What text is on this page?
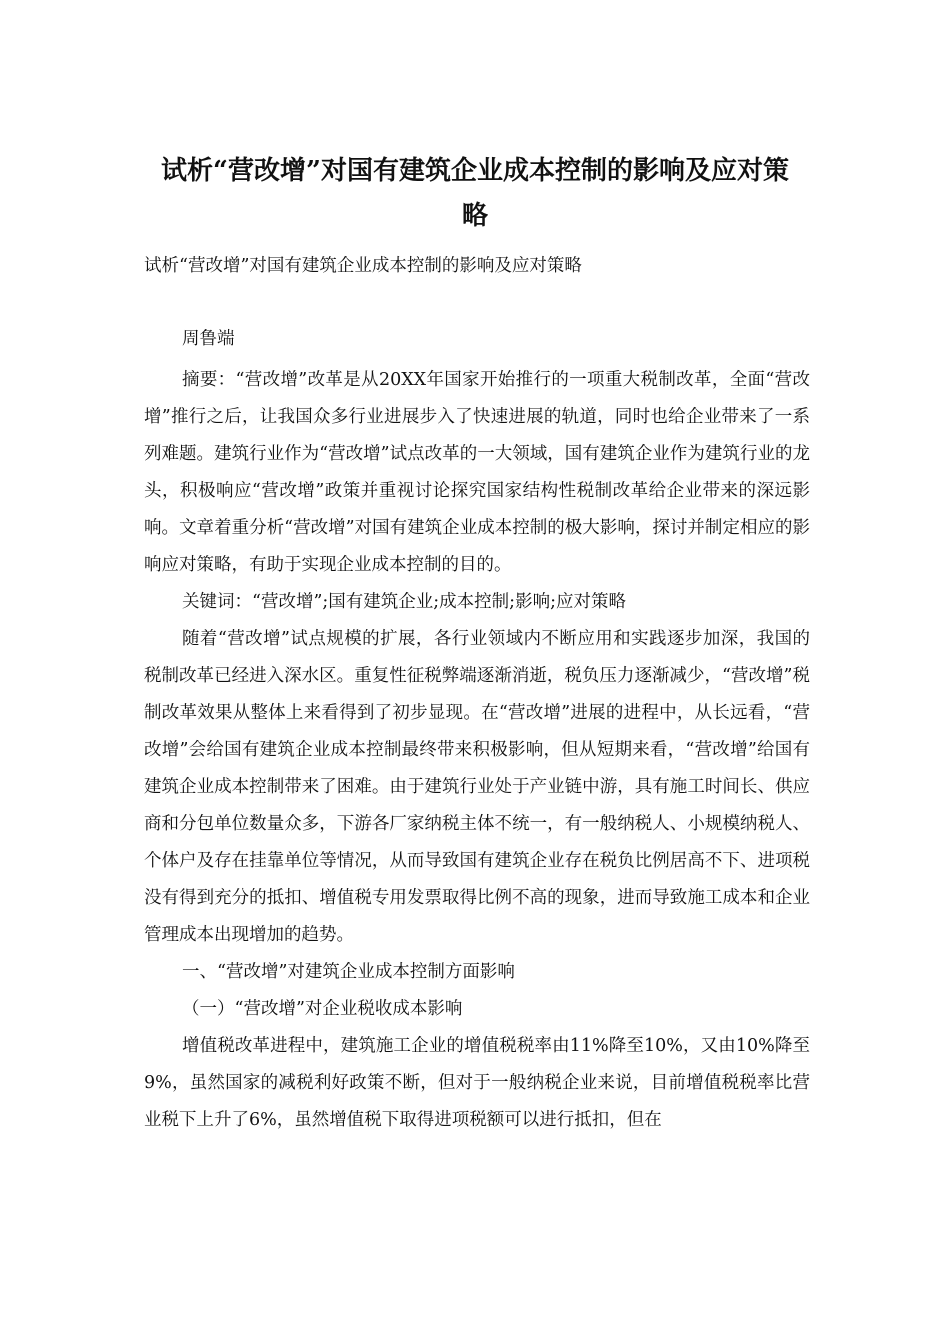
试析“营改增”对国有建筑企业成本控制的影响及应对策
略
试析“营改增”对国有建筑企业成本控制的影响及应对策略
周鲁端

摘要：“营改增”改革是从20XX年国家开始推行的一项重大税制改革，全面“营改增”推行之后，让我国众多行业进展步入了快速进展的轨道，同时也给企业带来了一系列难题。建筑行业作为“营改增”试点改革的一大领域，国有建筑企业作为建筑行业的龙头，积极响应“营改增”政策并重视讨论探究国家结构性税制改革给企业带来的深远影响。文章着重分析“营改增”对国有建筑企业成本控制的极大影响，探讨并制定相应的影响应对策略，有助于实现企业成本控制的目的。

关键词：“营改增”;国有建筑企业;成本控制;影响;应对策略

随着“营改增”试点规模的扩展，各行业领域内不断应用和实践逐步加深，我国的税制改革已经进入深水区。重复性征税弊端逐渐消逝，税负压力逐渐减少，“营改增”税制改革效果从整体上来看得到了初步显现。在“营改增”进展的进程中，从长远看，“营改增”会给国有建筑企业成本控制最终带来积极影响，但从短期来看，“营改增”给国有建筑企业成本控制带来了困难。由于建筑行业处于产业链中游，具有施工时间长、供应商和分包单位数量众多，下游各厂家纳税主体不统一，有一般纳税人、小规模纳税人、个体户及存在挂靠单位等情况，从而导致国有建筑企业存在税负比例居高不下、进项税没有得到充分的抵扣、增值税专用发票取得比例不高的现象，进而导致施工成本和企业管理成本出现增加的趋势。

一、“营改增”对建筑企业成本控制方面影响

（一）“营改增”对企业税收成本影响

增值税改革进程中，建筑施工企业的增值税税率由11%降至10%，又由10%降至9%，虽然国家的减税利好政策不断，但对于一般纳税企业来说，目前增值税税率比营业税下上升了6%，虽然增值税下取得进项税额可以进行抵扣，但在
